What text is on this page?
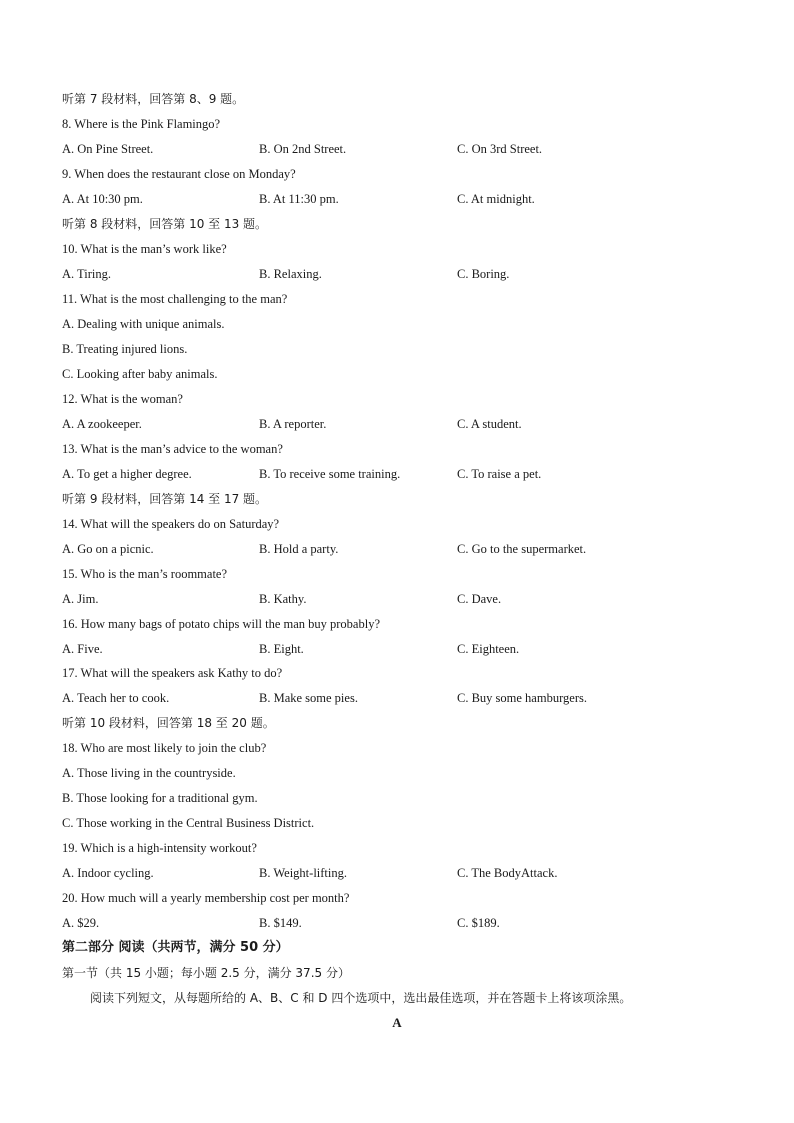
听第 7 段材料，回答第 8、9 题。
8. Where is the Pink Flamingo?
A. On Pine Street.	B. On 2nd Street.	C. On 3rd Street.
9. When does the restaurant close on Monday?
A. At 10:30 pm.	B. At 11:30 pm.	C. At midnight.
听第 8 段材料，回答第 10 至 13 题。
10. What is the man’s work like?
A. Tiring.	B. Relaxing.	C. Boring.
11. What is the most challenging to the man?
A. Dealing with unique animals.
B. Treating injured lions.
C. Looking after baby animals.
12. What is the woman?
A. A zookeeper.	B. A reporter.	C. A student.
13. What is the man’s advice to the woman?
A. To get a higher degree.	B. To receive some training.	C. To raise a pet.
听第 9 段材料，回答第 14 至 17 题。
14. What will the speakers do on Saturday?
A. Go on a picnic.	B. Hold a party.	C. Go to the supermarket.
15. Who is the man’s roommate?
A. Jim.	B. Kathy.	C. Dave.
16. How many bags of potato chips will the man buy probably?
A. Five.	B. Eight.	C. Eighteen.
17. What will the speakers ask Kathy to do?
A. Teach her to cook.	B. Make some pies.	C. Buy some hamburgers.
听第 10 段材料，回答第 18 至 20 题。
18. Who are most likely to join the club?
A. Those living in the countryside.
B. Those looking for a traditional gym.
C. Those working in the Central Business District.
19. Which is a high-intensity workout?
A. Indoor cycling.	B. Weight-lifting.	C. The BodyAttack.
20. How much will a yearly membership cost per month?
A. $29.	B. $149.	C. $189.
第二部分 阅读（共两节，满分 50 分）
第一节（共 15 小题；每小题 2.5 分，满分 37.5 分）
阅读下列短文，从每题所给的 A、B、C 和 D 四个选项中，选出最佳选项，并在答题卡上将该项涂黑。
A
